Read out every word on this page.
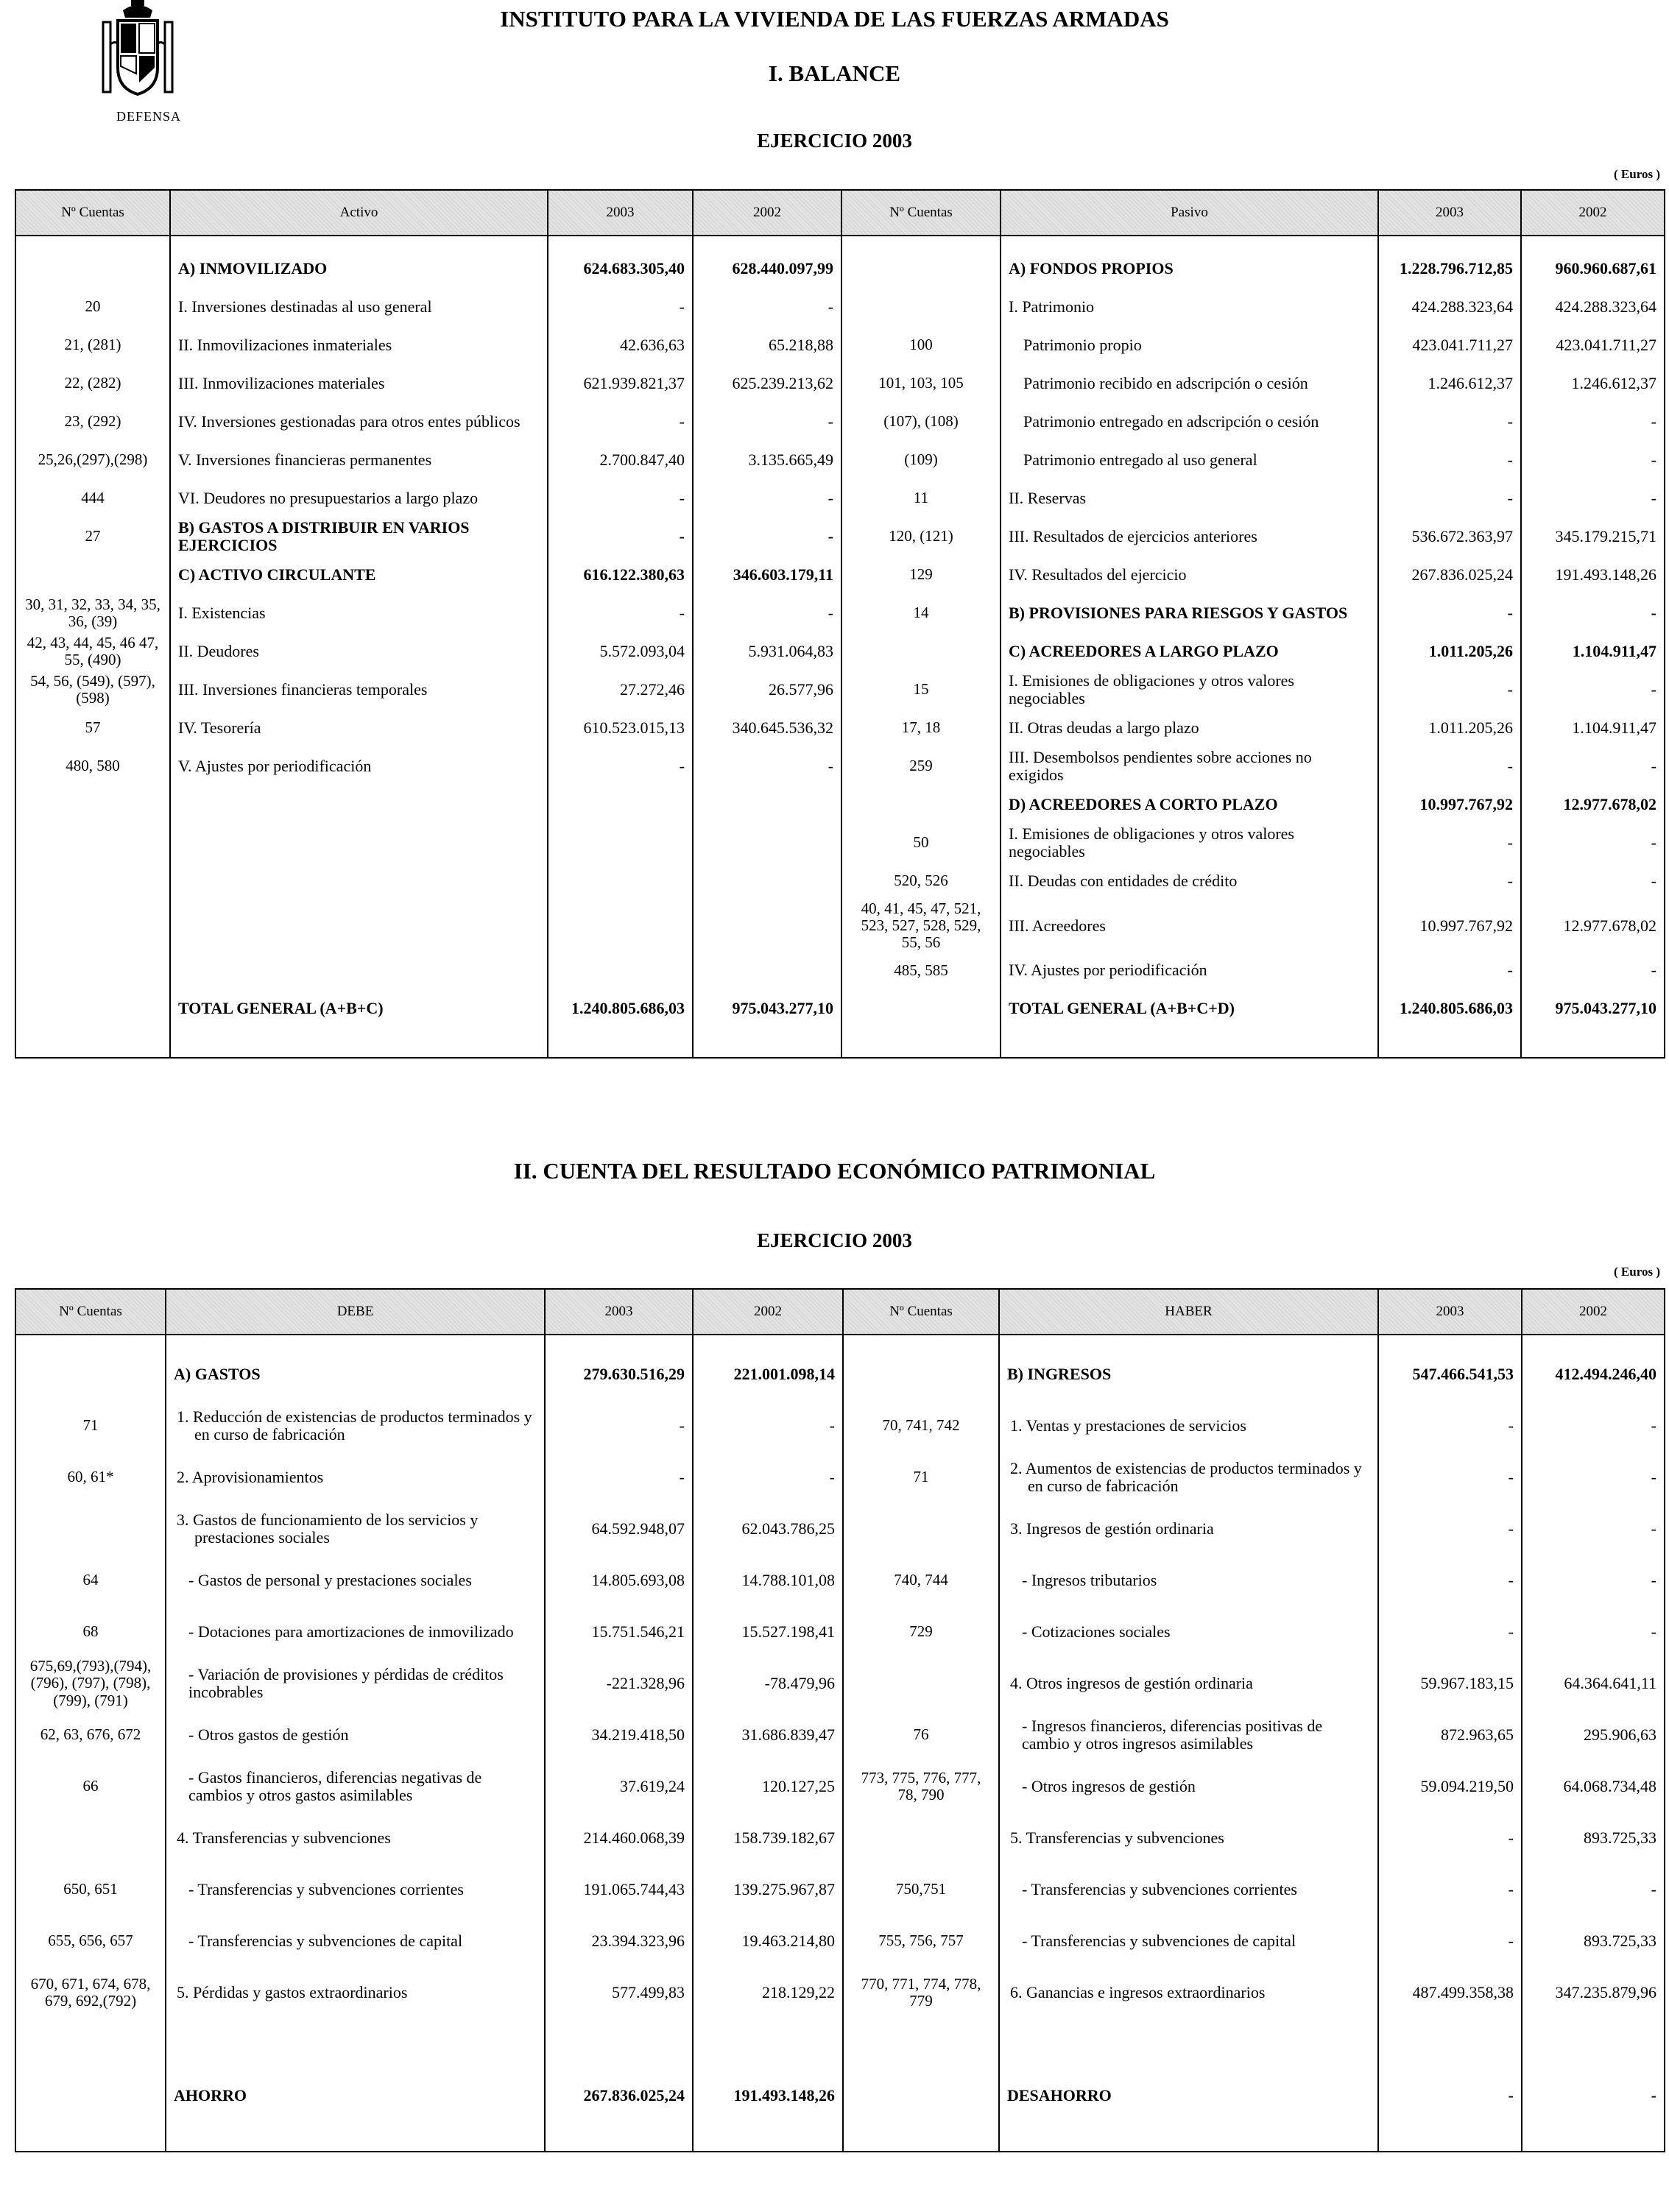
DEFENSA
INSTITUTO PARA LA VIVIENDA DE LAS FUERZAS ARMADAS
I. BALANCE
EJERCICIO 2003
( Euros )
Nº Cuentas	Activo	2003	2002	Nº Cuentas	Pasivo	2003	2002

	A) INMOVILIZADO	624.683.305,40	628.440.097,99		A) FONDOS PROPIOS	1.228.796.712,85	960.960.687,61
20	I. Inversiones destinadas al uso general	-	-		I. Patrimonio	424.288.323,64	424.288.323,64
21, (281)	II. Inmovilizaciones inmateriales	42.636,63	65.218,88	100	Patrimonio propio	423.041.711,27	423.041.711,27
22, (282)	III. Inmovilizaciones materiales	621.939.821,37	625.239.213,62	101, 103, 105	Patrimonio recibido en adscripción o cesión	1.246.612,37	1.246.612,37
23, (292)	IV. Inversiones gestionadas para otros entes públicos	-	-	(107), (108)	Patrimonio entregado en adscripción o cesión	-	-
25,26,(297),(298)	V. Inversiones financieras permanentes	2.700.847,40	3.135.665,49	(109)	Patrimonio entregado al uso general	-	-
444	VI. Deudores no presupuestarios a largo plazo	-	-	11	II. Reservas	-	-
27	B) GASTOS A DISTRIBUIR EN VARIOS EJERCICIOS	-	-	120, (121)	III. Resultados de ejercicios anteriores	536.672.363,97	345.179.215,71
	C) ACTIVO CIRCULANTE	616.122.380,63	346.603.179,11	129	IV. Resultados del ejercicio	267.836.025,24	191.493.148,26
30, 31, 32, 33, 34, 35, 36, (39)	I. Existencias	-	-	14	B) PROVISIONES PARA RIESGOS Y GASTOS	-	-
42, 43, 44, 45, 46 47, 55, (490)	II. Deudores	5.572.093,04	5.931.064,83		C) ACREEDORES A LARGO PLAZO	1.011.205,26	1.104.911,47
54, 56, (549), (597), (598)	III. Inversiones financieras temporales	27.272,46	26.577,96	15	I. Emisiones de obligaciones y otros valores negociables	-	-
57	IV. Tesorería	610.523.015,13	340.645.536,32	17, 18	II. Otras deudas a largo plazo	1.011.205,26	1.104.911,47
480, 580	V. Ajustes por periodificación	-	-	259	III. Desembolsos pendientes sobre acciones no exigidos	-	-
					D) ACREEDORES A CORTO PLAZO	10.997.767,92	12.977.678,02
				50	I. Emisiones de obligaciones y otros valores negociables	-	-
				520, 526	II. Deudas con entidades de crédito	-	-
				40, 41, 45, 47, 521, 523, 527, 528, 529, 55, 56	III. Acreedores	10.997.767,92	12.977.678,02
				485, 585	IV. Ajustes por periodificación	-	-
	TOTAL GENERAL (A+B+C)	1.240.805.686,03	975.043.277,10		TOTAL GENERAL (A+B+C+D)	1.240.805.686,03	975.043.277,10

II. CUENTA DEL RESULTADO ECONÓMICO PATRIMONIAL
EJERCICIO 2003
( Euros )
Nº Cuentas	DEBE	2003	2002	Nº Cuentas	HABER	2003	2002

	A) GASTOS	279.630.516,29	221.001.098,14		B) INGRESOS	547.466.541,53	412.494.246,40
71	1. Reducción de existencias de productos terminados y en curso de fabricación	-	-	70, 741, 742	1. Ventas y prestaciones de servicios	-	-
60, 61*	2. Aprovisionamientos	-	-	71	2. Aumentos de existencias de productos terminados y en curso de fabricación	-	-
	3. Gastos de funcionamiento de los servicios y prestaciones sociales	64.592.948,07	62.043.786,25		3. Ingresos de gestión ordinaria	-	-
64	- Gastos de personal y prestaciones sociales	14.805.693,08	14.788.101,08	740, 744	- Ingresos tributarios	-	-
68	- Dotaciones para amortizaciones de inmovilizado	15.751.546,21	15.527.198,41	729	- Cotizaciones sociales	-	-
675,69,(793),(794), (796), (797), (798), (799), (791)	- Variación de provisiones y pérdidas de créditos incobrables	-221.328,96	-78.479,96		4. Otros ingresos de gestión ordinaria	59.967.183,15	64.364.641,11
62, 63, 676, 672	- Otros gastos de gestión	34.219.418,50	31.686.839,47	76	- Ingresos financieros, diferencias positivas de cambio y otros ingresos asimilables	872.963,65	295.906,63
66	- Gastos financieros, diferencias negativas de cambios y otros gastos asimilables	37.619,24	120.127,25	773, 775, 776, 777, 78, 790	- Otros ingresos de gestión	59.094.219,50	64.068.734,48
	4. Transferencias y subvenciones	214.460.068,39	158.739.182,67		5. Transferencias y subvenciones	-	893.725,33
650, 651	- Transferencias y subvenciones corrientes	191.065.744,43	139.275.967,87	750,751	- Transferencias y subvenciones corrientes	-	-
655, 656, 657	- Transferencias y subvenciones de capital	23.394.323,96	19.463.214,80	755, 756, 757	- Transferencias y subvenciones de capital	-	893.725,33
670, 671, 674, 678, 679, 692,(792)	5. Pérdidas y gastos extraordinarios	577.499,83	218.129,22	770, 771, 774, 778, 779	6. Ganancias e ingresos extraordinarios	487.499.358,38	347.235.879,96

	AHORRO	267.836.025,24	191.493.148,26		DESAHORRO	-	-
